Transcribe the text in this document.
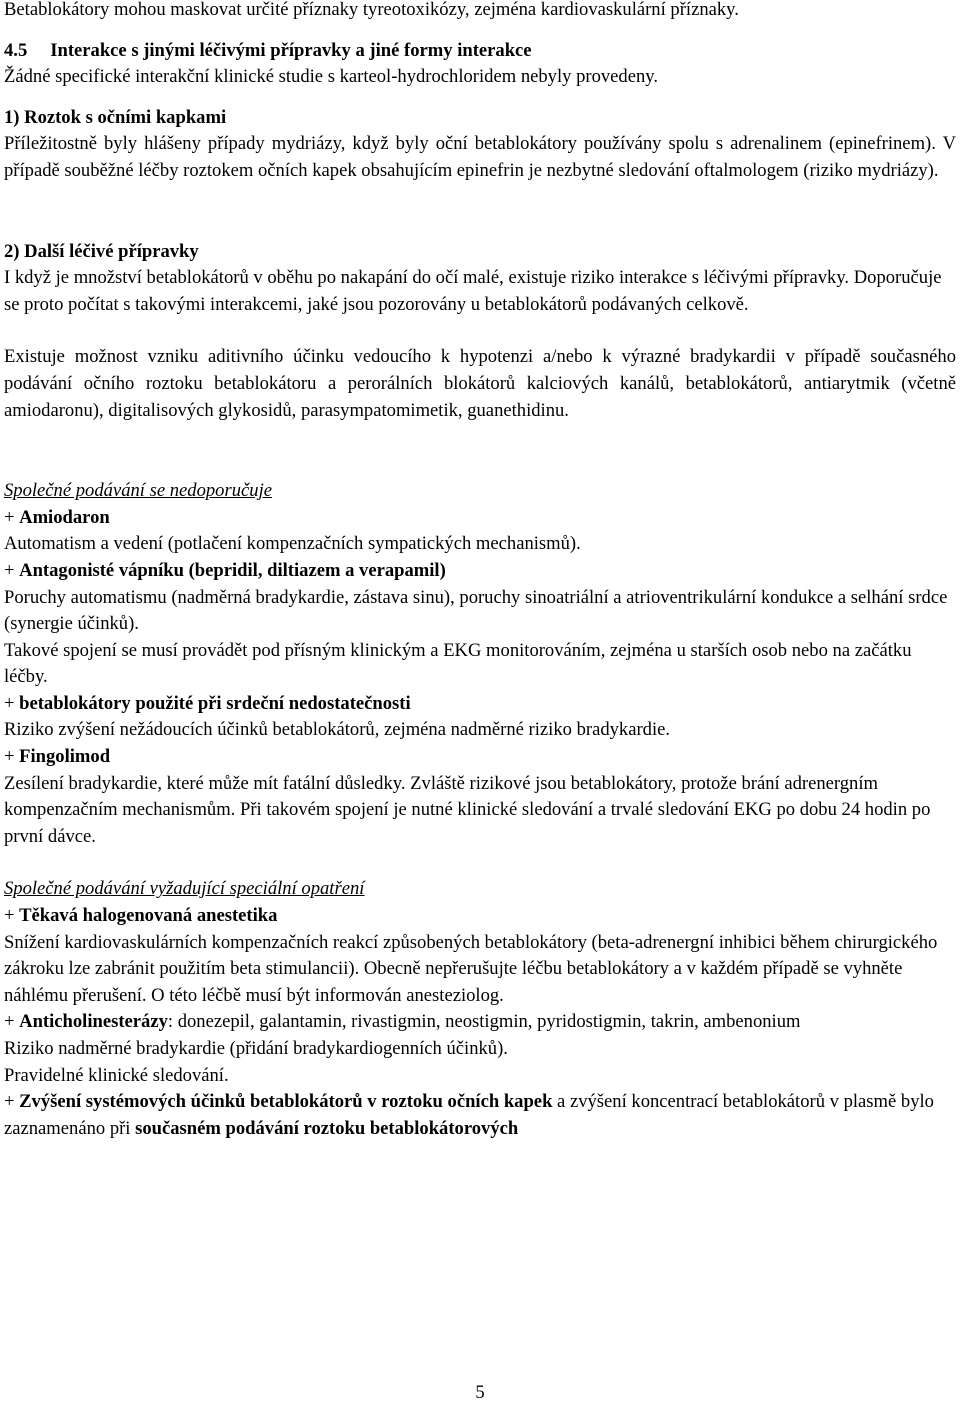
Betablokátory mohou maskovat určité příznaky tyreotoxikózy, zejména kardiovaskulární příznaky.

4.5 Interakce s jinými léčivými přípravky a jiné formy interakce

Žádné specifické interakční klinické studie s karteol-hydrochloridem nebyly provedeny.

1) Roztok s očními kapkami

Příležitostně byly hlášeny případy mydriázy, když byly oční betablokátory používány spolu s adrenalinem (epinefrinem). V případě souběžné léčby roztokem očních kapek obsahujícím epinefrin je nezbytné sledování oftalmologem (riziko mydriázy).

2) Další léčivé přípravky

I když je množství betablokátorů v oběhu po nakapání do očí malé, existuje riziko interakce s léčivými přípravky. Doporučuje se proto počítat s takovými interakcemi, jaké jsou pozorovány u betablokátorů podávaných celkově.

Existuje možnost vzniku aditivního účinku vedoucího k hypotenzi a/nebo k výrazné bradykardii v případě současného podávání očního roztoku betablokátoru a perorálních blokátorů kalciových kanálů, betablokátorů, antiarytmik (včetně amiodaronu), digitalisových glykosidů, parasympatomimetik, guanethidinu.

Společné podávání se nedoporučuje

+ Amiodaron

Automatism a vedení (potlačení kompenzačních sympatických mechanismů).

+ Antagonisté vápníku (bepridil, diltiazem a verapamil)

Poruchy automatismu (nadměrná bradykardie, zástava sinu), poruchy sinoatriální a atrioventrikulární kondukce a selhání srdce (synergie účinků).

Takové spojení se musí provádět pod přísným klinickým a EKG monitorováním, zejména u starších osob nebo na začátku léčby.

+ betablokátory použité při srdeční nedostatečnosti

Riziko zvýšení nežádoucích účinků betablokátorů, zejména nadměrné riziko bradykardie.

+ Fingolimod

Zesílení bradykardie, které může mít fatální důsledky. Zvláště rizikové jsou betablokátory, protože brání adrenergním kompenzačním mechanismům. Při takovém spojení je nutné klinické sledování a trvalé sledování EKG po dobu 24 hodin po první dávce.

Společné podávání vyžadující speciální opatření

+ Těkavá halogenovaná anestetika

Snížení kardiovaskulárních kompenzačních reakcí způsobených betablokátory (beta-adrenergní inhibici během chirurgického zákroku lze zabránit použitím beta stimulancii). Obecně nepřerušujte léčbu betablokátory a v každém případě se vyhněte náhlému přerušení. O této léčbě musí být informován anesteziolog.

+ Anticholinesterázy: donezepil, galantamin, rivastigmin, neostigmin, pyridostigmin, takrin, ambenonium

Riziko nadměrné bradykardie (přidání bradykardiogenních účinků).

Pravidelné klinické sledování.

+ Zvýšení systémových účinků betablokátorů v roztoku očních kapek a zvýšení koncentrací betablokátorů v plasmě bylo zaznamenáno při současném podávání roztoku betablokátorových

5
